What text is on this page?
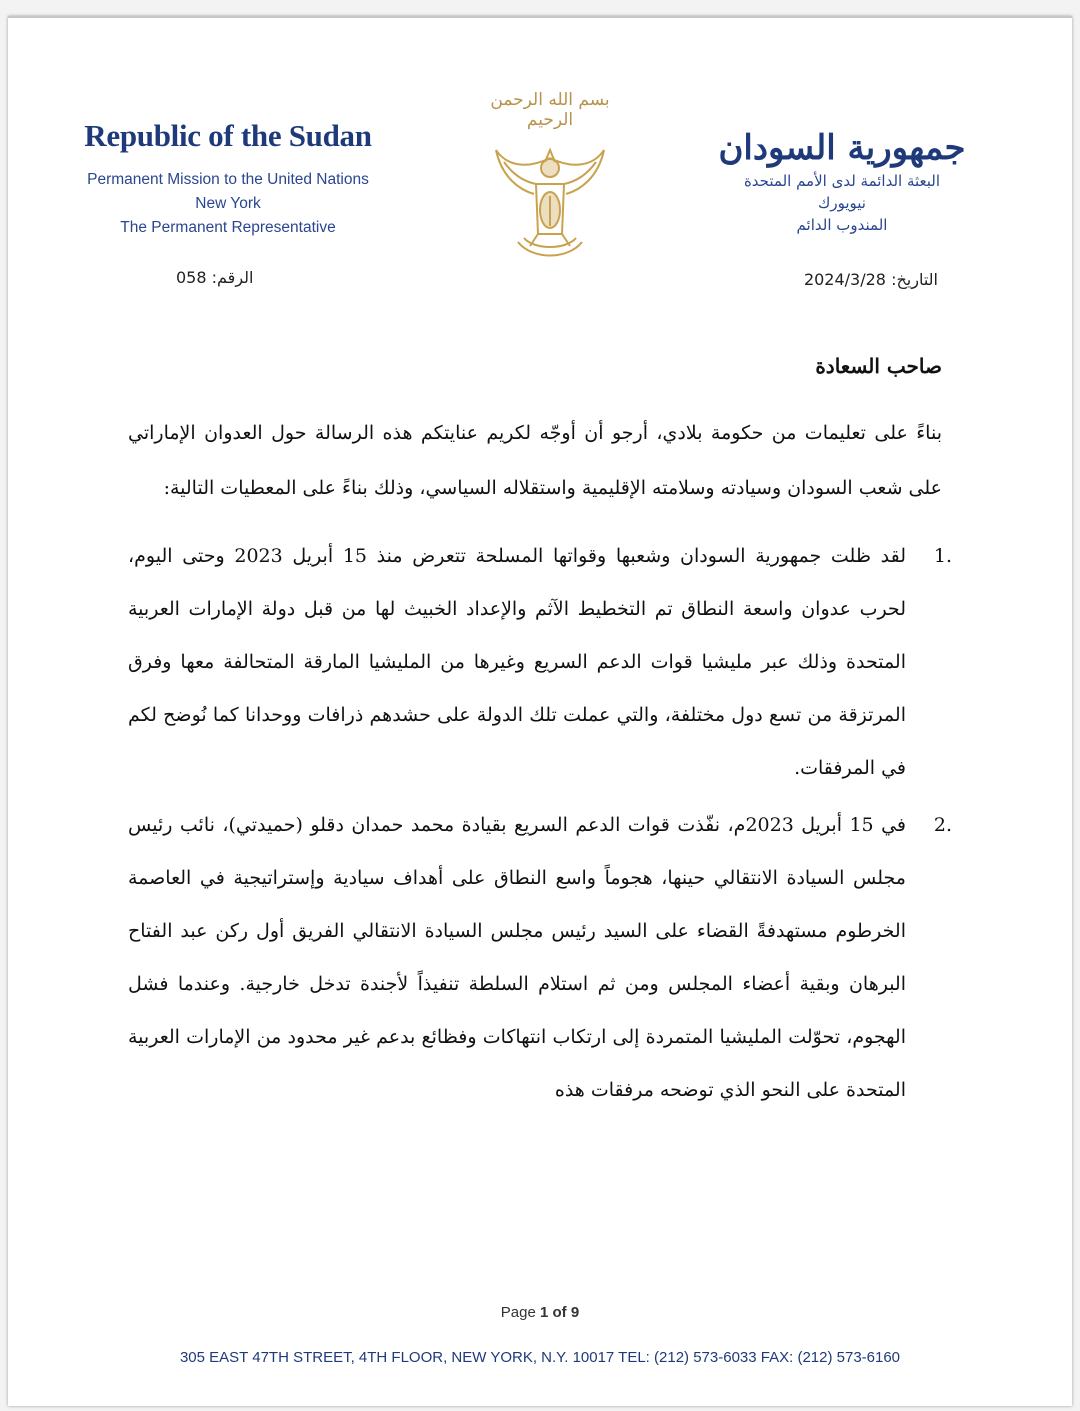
Republic of the Sudan
Permanent Mission to the United Nations
New York
The Permanent Representative
بسم الله الرحمن الرحيم
جمهورية السودان
البعثة الدائمة لدى الأمم المتحدة
نيويورك
المندوب الدائم
الرقم: 058	التاريخ: 2024/3/28

صاحب السعادة

بناءً على تعليمات من حكومة بلادي، أرجو أن أوجّه لكريم عنايتكم هذه الرسالة حول العدوان الإماراتي على شعب السودان وسيادته وسلامته الإقليمية واستقلاله السياسي، وذلك بناءً على المعطيات التالية:

1.
لقد ظلت جمهورية السودان وشعبها وقواتها المسلحة تتعرض منذ 15 أبريل 2023 وحتى اليوم، لحرب عدوان واسعة النطاق تم التخطيط الآثم والإعداد الخبيث لها من قبل دولة الإمارات العربية المتحدة وذلك عبر مليشيا قوات الدعم السريع وغيرها من المليشيا المارقة المتحالفة معها وفرق المرتزقة من تسع دول مختلفة، والتي عملت تلك الدولة على حشدهم ذرافات ووحدانا كما نُوضح لكم في المرفقات.
2.
في 15 أبريل 2023م، نفّذت قوات الدعم السريع بقيادة محمد حمدان دقلو (حميدتي)، نائب رئيس مجلس السيادة الانتقالي حينها، هجوماً واسع النطاق على أهداف سيادية وإستراتيجية في العاصمة الخرطوم مستهدفةً القضاء على السيد رئيس مجلس السيادة الانتقالي الفريق أول ركن عبد الفتاح البرهان وبقية أعضاء المجلس ومن ثم استلام السلطة تنفيذاً لأجندة تدخل خارجية. وعندما فشل الهجوم، تحوّلت المليشيا المتمردة إلى ارتكاب انتهاكات وفظائع بدعم غير محدود من الإمارات العربية المتحدة على النحو الذي توضحه مرفقات هذه
Page 1 of 9
305 EAST 47TH STREET, 4TH FLOOR, NEW YORK, N.Y. 10017 TEL: (212) 573-6033 FAX: (212) 573-6160
